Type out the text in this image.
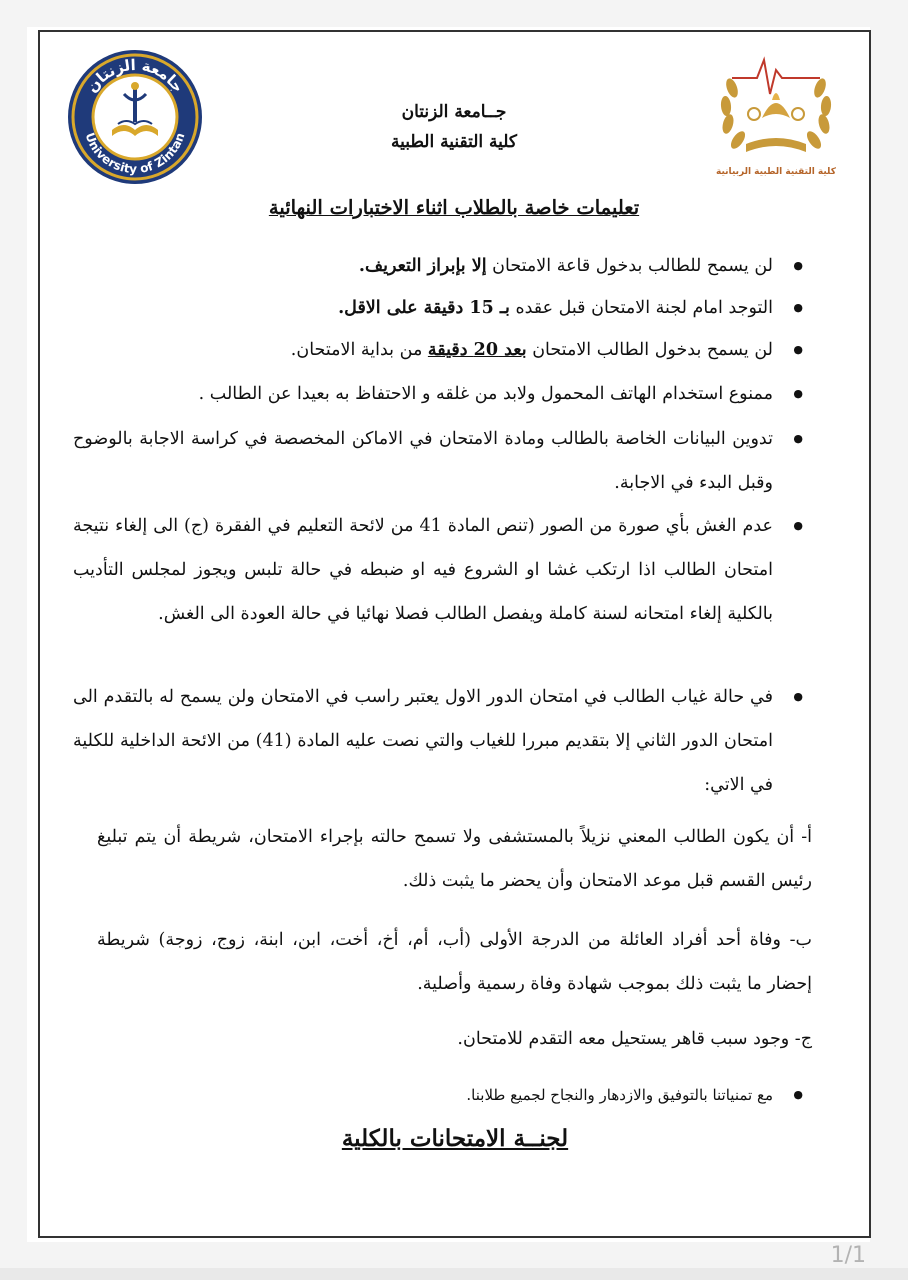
جامعة الزنتان
University of Zintan
كلية التقنية الطبية الربيانية
جــامعة الزنتان
كلية التقنية الطبية
تعليمات خاصة بالطلاب اثناء الاختبارات النهائية
● لن يسمح للطالب بدخول قاعة الامتحان إلا بإبراز التعريف.
● التوجد امام لجنة الامتحان قبل عقده بـ 15 دقيقة على الاقل.
● لن يسمح بدخول الطالب الامتحان بعد 20 دقيقة من بداية الامتحان.
● ممنوع استخدام الهاتف المحمول ولابد من غلقه و الاحتفاظ به بعيدا عن الطالب .
● تدوين البيانات الخاصة بالطالب ومادة الامتحان في الاماكن المخصصة في كراسة الاجابة بالوضوح وقبل البدء في الاجابة.
● عدم الغش بأي صورة من الصور (تنص المادة 41 من لائحة التعليم في الفقرة (ج) الى إلغاء نتيجة امتحان الطالب اذا ارتكب غشا او الشروع فيه او ضبطه في حالة تلبس ويجوز لمجلس التأديب بالكلية إلغاء امتحانه لسنة كاملة ويفصل الطالب فصلا نهائيا في حالة العودة الى الغش.
● في حالة غياب الطالب في امتحان الدور الاول يعتبر راسب في الامتحان ولن يسمح له بالتقدم الى امتحان الدور الثاني إلا بتقديم مبررا للغياب والتي نصت عليه المادة (41) من الائحة الداخلية للكلية في الاتي:
أ- أن يكون الطالب المعني نزيلاً بالمستشفى ولا تسمح حالته بإجراء الامتحان، شريطة أن يتم تبليغ رئيس القسم قبل موعد الامتحان وأن يحضر ما يثبت ذلك.
ب- وفاة أحد أفراد العائلة من الدرجة الأولى (أب، أم، أخ، أخت، ابن، ابنة، زوج، زوجة) شريطة إحضار ما يثبت ذلك بموجب شهادة وفاة رسمية وأصلية.
ج- وجود سبب قاهر يستحيل معه التقدم للامتحان.
● مع تمنياتنا بالتوفيق والازدهار والنجاح لجميع طلابنا.
لجنــة الامتحانات بالكلية
1/1
